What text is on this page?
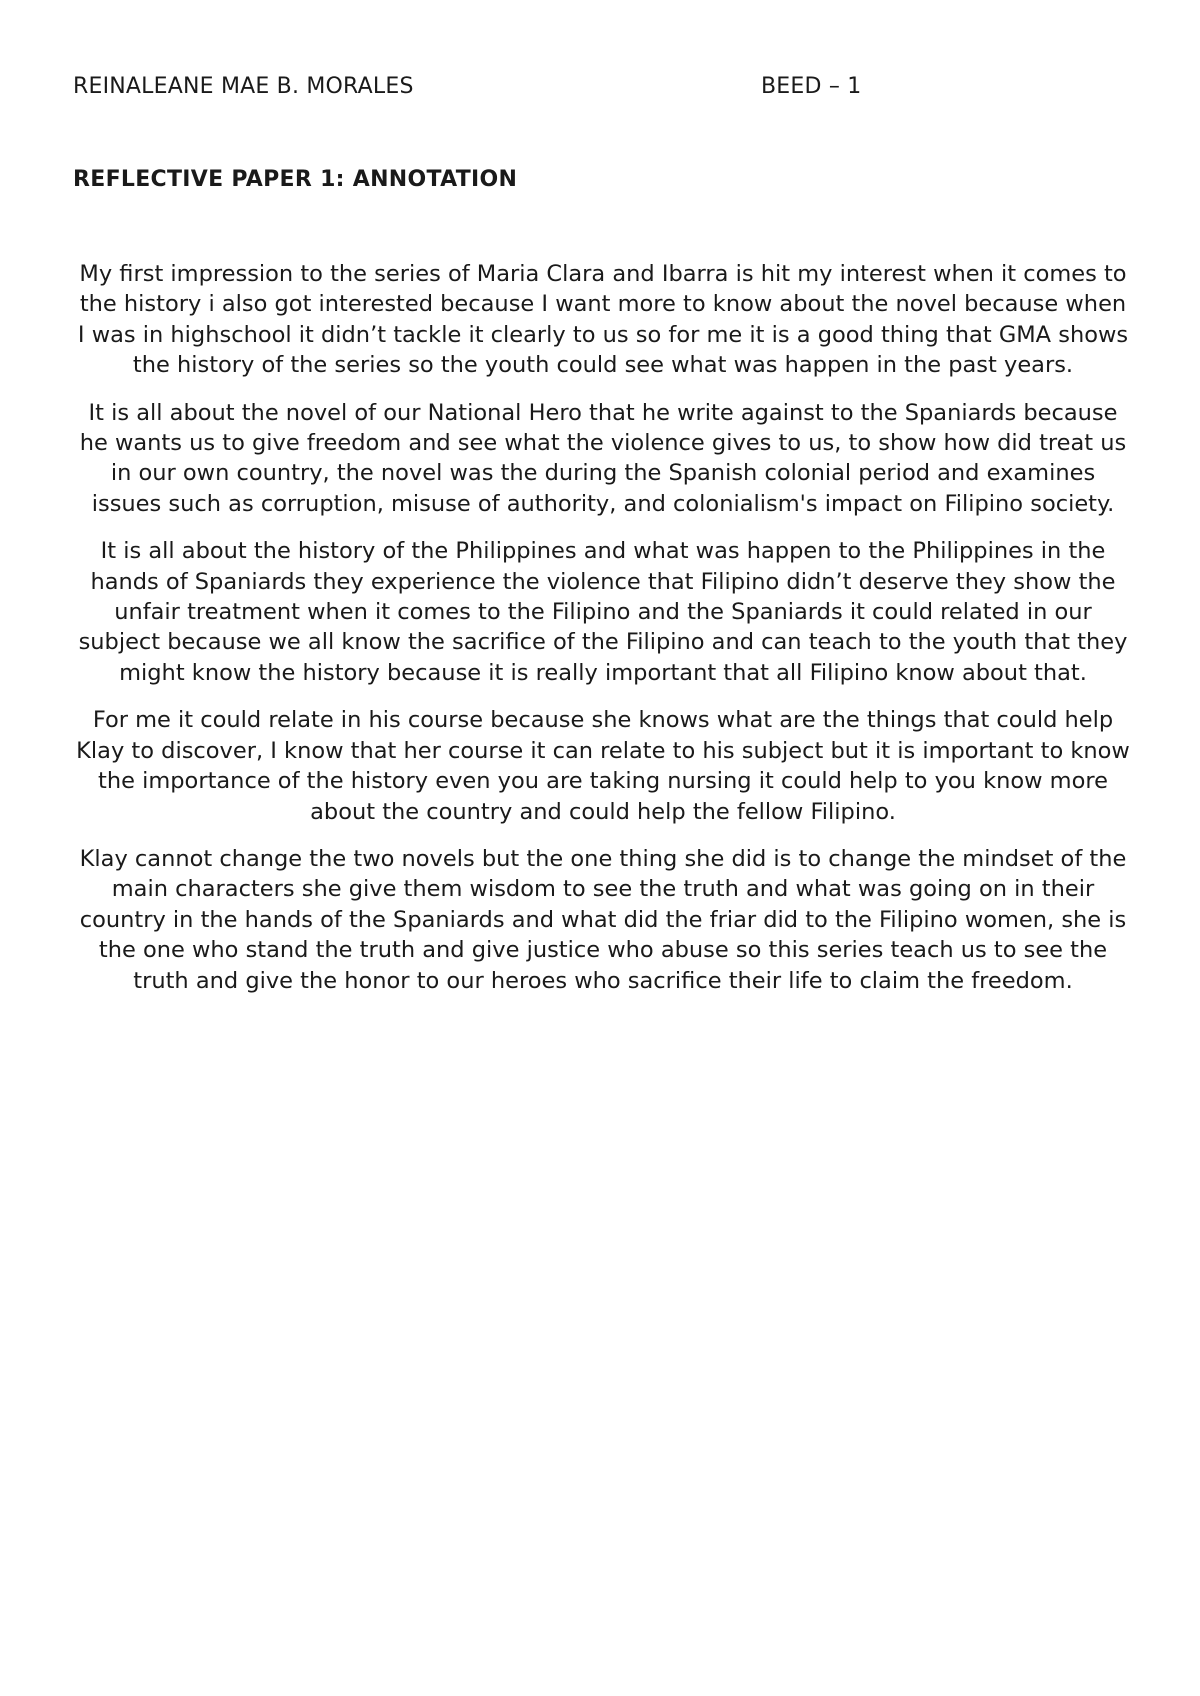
REINALEANE MAE B. MORALES	BEED – 1
REFLECTIVE PAPER 1: ANNOTATION

My first impression to the series of Maria Clara and Ibarra is hit my interest when it comes to the history i also got interested because I want more to know about the novel because when I was in highschool it didn’t tackle it clearly to us so for me it is a good thing that GMA shows the history of the series so the youth could see what was happen in the past years.

It is all about the novel of our National Hero that he write against to the Spaniards because he wants us to give freedom and see what the violence gives to us, to show how did treat us in our own country, the novel was the during the Spanish colonial period and examines issues such as corruption, misuse of authority, and colonialism's impact on Filipino society.

It is all about the history of the Philippines and what was happen to the Philippines in the hands of Spaniards they experience the violence that Filipino didn’t deserve they show the unfair treatment when it comes to the Filipino and the Spaniards it could related in our subject because we all know the sacrifice of the Filipino and can teach to the youth that they might know the history because it is really important that all Filipino know about that.

For me it could relate in his course because she knows what are the things that could help Klay to discover, I know that her course it can relate to his subject but it is important to know the importance of the history even you are taking nursing it could help to you know more about the country and could help the fellow Filipino.

Klay cannot change the two novels but the one thing she did is to change the mindset of the main characters she give them wisdom to see the truth and what was going on in their country in the hands of the Spaniards and what did the friar did to the Filipino women, she is the one who stand the truth and give justice who abuse so this series teach us to see the truth and give the honor to our heroes who sacrifice their life to claim the freedom.
